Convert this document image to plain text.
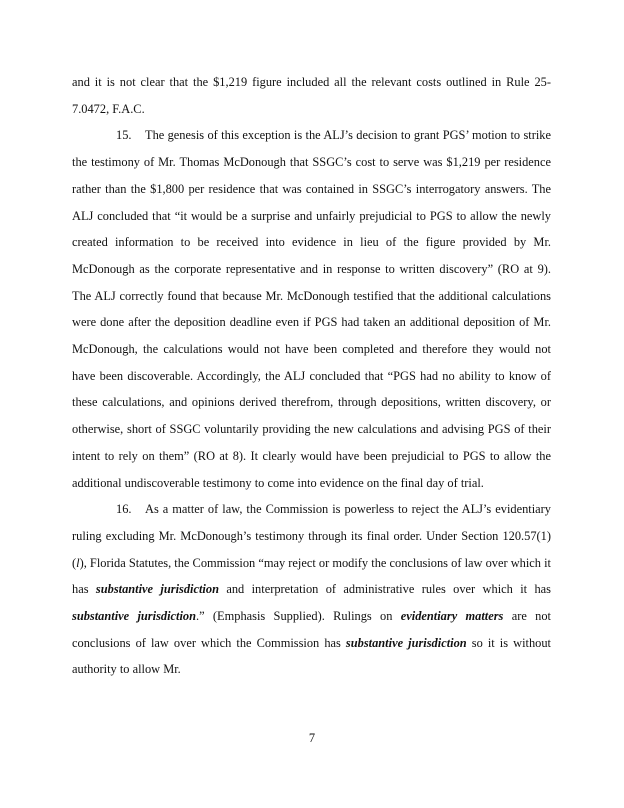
and it is not clear that the $1,219 figure included all the relevant costs outlined in Rule 25-7.0472, F.A.C.

15. The genesis of this exception is the ALJ’s decision to grant PGS’ motion to strike the testimony of Mr. Thomas McDonough that SSGC’s cost to serve was $1,219 per residence rather than the $1,800 per residence that was contained in SSGC’s interrogatory answers. The ALJ concluded that “it would be a surprise and unfairly prejudicial to PGS to allow the newly created information to be received into evidence in lieu of the figure provided by Mr. McDonough as the corporate representative and in response to written discovery” (RO at 9). The ALJ correctly found that because Mr. McDonough testified that the additional calculations were done after the deposition deadline even if PGS had taken an additional deposition of Mr. McDonough, the calculations would not have been completed and therefore they would not have been discoverable. Accordingly, the ALJ concluded that “PGS had no ability to know of these calculations, and opinions derived therefrom, through depositions, written discovery, or otherwise, short of SSGC voluntarily providing the new calculations and advising PGS of their intent to rely on them” (RO at 8). It clearly would have been prejudicial to PGS to allow the additional undiscoverable testimony to come into evidence on the final day of trial.

16. As a matter of law, the Commission is powerless to reject the ALJ’s evidentiary ruling excluding Mr. McDonough’s testimony through its final order. Under Section 120.57(1)(l), Florida Statutes, the Commission “may reject or modify the conclusions of law over which it has substantive jurisdiction and interpretation of administrative rules over which it has substantive jurisdiction.” (Emphasis Supplied). Rulings on evidentiary matters are not conclusions of law over which the Commission has substantive jurisdiction so it is without authority to allow Mr.

7
